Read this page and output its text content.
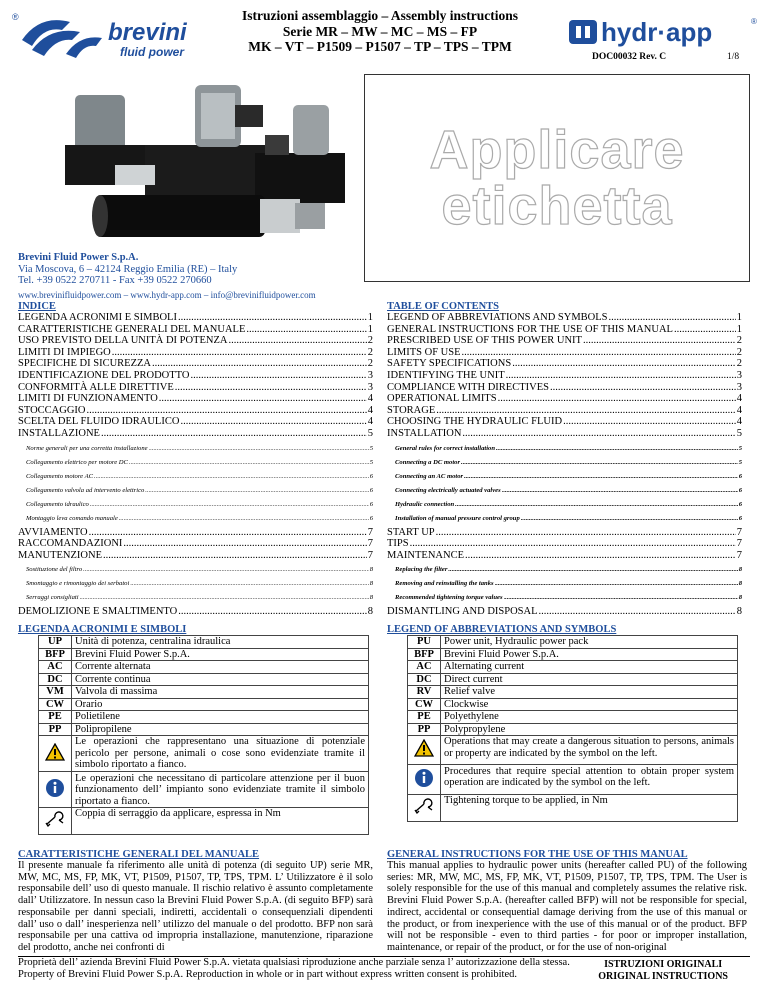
®
brevini
fluid power
Istruzioni assemblaggio – Assembly instructions
Serie MR – MW – MC – MS – FP
MK – VT – P1509 – P1507 – TP – TPS – TPM	hydr·app	®
DOC00032 Rev. C	1/8
Applicare
etichetta
Brevini Fluid Power S.p.A.
Via Moscova, 6 – 42124 Reggio Emilia (RE) – Italy
Tel. +39 0522 270711 - Fax +39 0522 270660
www.brevinifluidpower.com – www.hydr-app.com – info@brevinifluidpower.com
INDICE
LEGENDA ACRONIMI E SIMBOLI .....	1
CARATTERISTICHE GENERALI DEL MANUALE .....	1
USO PREVISTO DELLA UNITÀ DI POTENZA .....	2
LIMITI DI IMPIEGO .....	2
SPECIFICHE DI SICUREZZA .....	2
IDENTIFICAZIONE DEL PRODOTTO .....	3
CONFORMITÀ ALLE DIRETTIVE .....	3
LIMITI DI FUNZIONAMENTO .....	4
STOCCAGGIO .....	4
SCELTA DEL FLUIDO IDRAULICO .....	4
INSTALLAZIONE .....	5
Norme generali per una corretta installazione .....	5
Collegamento elettrico per motore DC .....	5
Collegamento motore AC .....	6
Collegamento valvola ad intervento elettrico .....	6
Collegamento idraulico .....	6
Montaggio leva comando manuale .....	6
AVVIAMENTO .....	7
RACCOMANDAZIONI .....	7
MANUTENZIONE .....	7
Sostituzione del filtro .....	8
Smontaggio e rimontaggio dei serbatoi .....	8
Serraggi consigliati .....	8
DEMOLIZIONE E SMALTIMENTO .....	8
TABLE OF CONTENTS
LEGEND OF ABBREVIATIONS AND SYMBOLS .....	1
GENERAL INSTRUCTIONS FOR THE USE OF THIS MANUAL .....	1
PRESCRIBED USE OF THIS POWER UNIT .....	2
LIMITS OF USE .....	2
SAFETY SPECIFICATIONS .....	2
IDENTIFYING THE UNIT .....	3
COMPLIANCE WITH DIRECTIVES .....	3
OPERATIONAL LIMITS .....	4
STORAGE .....	4
CHOOSING THE HYDRAULIC FLUID .....	4
INSTALLATION .....	5
General rules for correct installation .....	5
Connecting a DC motor .....	5
Connecting an AC motor .....	6
Connecting electrically actuated valves .....	6
Hydraulic connection .....	6
Installation of manual pressure control group .....	6
START UP .....	7
TIPS .....	7
MAINTENANCE .....	7
Replacing the filter .....	8
Removing and reinstalling the tanks .....	8
Recommended tightening torque values .....	8
DISMANTLING AND DISPOSAL .....	8
LEGENDA ACRONIMI E SIMBOLI
UP	Unità di potenza, centralina idraulica
BFP	Brevini Fluid Power S.p.A.
AC	Corrente alternata
DC	Corrente continua
VM	Valvola di massima
CW	Orario
PE	Polietilene
PP	Polipropilene
	Le operazioni che rappresentano una situazione di potenziale pericolo per persone, animali o cose sono evidenziate tramite il simbolo riportato a fianco.
	Le operazioni che necessitano di particolare attenzione per il buon funzionamento dell’ impianto sono evidenziate tramite il simbolo riportato a fianco.
	Coppia di serraggio da applicare, espressa in Nm
LEGEND OF ABBREVIATIONS AND SYMBOLS
PU	Power unit, Hydraulic power pack
BFP	Brevini Fluid Power S.p.A.
AC	Alternating current
DC	Direct current
RV	Relief valve
CW	Clockwise
PE	Polyethylene
PP	Polypropylene
	Operations that may create a dangerous situation to persons, animals or property are indicated by the symbol on the left.
	Procedures that require special attention to obtain proper system operation are indicated by the symbol on the left.
	Tightening torque to be applied, in Nm
CARATTERISTICHE GENERALI DEL MANUALE
Il presente manuale fa riferimento alle unità di potenza (di seguito UP) serie MR, MW, MC, MS, FP, MK, VT, P1509, P1507, TP, TPS, TPM. L’ Utilizzatore è il solo responsabile dell’ uso di questo manuale. Il rischio relativo è assunto completamente dall’ Utilizzatore. In nessun caso la Brevini Fluid Power S.p.A. (di seguito BFP) sarà responsabile per danni speciali, indiretti, accidentali o consequenziali dipendenti dall’ uso o dall’ inesperienza nell’ utilizzo del manuale o del prodotto. BFP non sarà responsabile per una cattiva od impropria installazione, manutenzione, riparazione del prodotto, anche nei confronti di
GENERAL INSTRUCTIONS FOR THE USE OF THIS MANUAL
This manual applies to hydraulic power units (hereafter called PU) of the following series: MR, MW, MC, MS, FP, MK, VT, P1509, P1507, TP, TPS, TPM. The User is solely responsible for the use of this manual and completely assumes the relative risk. Brevini Fluid Power S.p.A. (hereafter called BFP) will not be responsible for special, indirect, accidental or consequential damage deriving from the use of this manual or the product, or from inexperience with the use of this manual or of the product. BFP will not be responsible - even to third parties - for poor or improper installation, maintenance, or repair of the product, or for the use of non-original
Proprietà dell’ azienda Brevini Fluid Power S.p.A. vietata qualsiasi riproduzione anche parziale senza l’ autorizzazione della stessa.
Property of Brevini Fluid Power S.p.A. Reproduction in whole or in part without express written consent is prohibited.
ISTRUZIONI ORIGINALI
ORIGINAL INSTRUCTIONS
